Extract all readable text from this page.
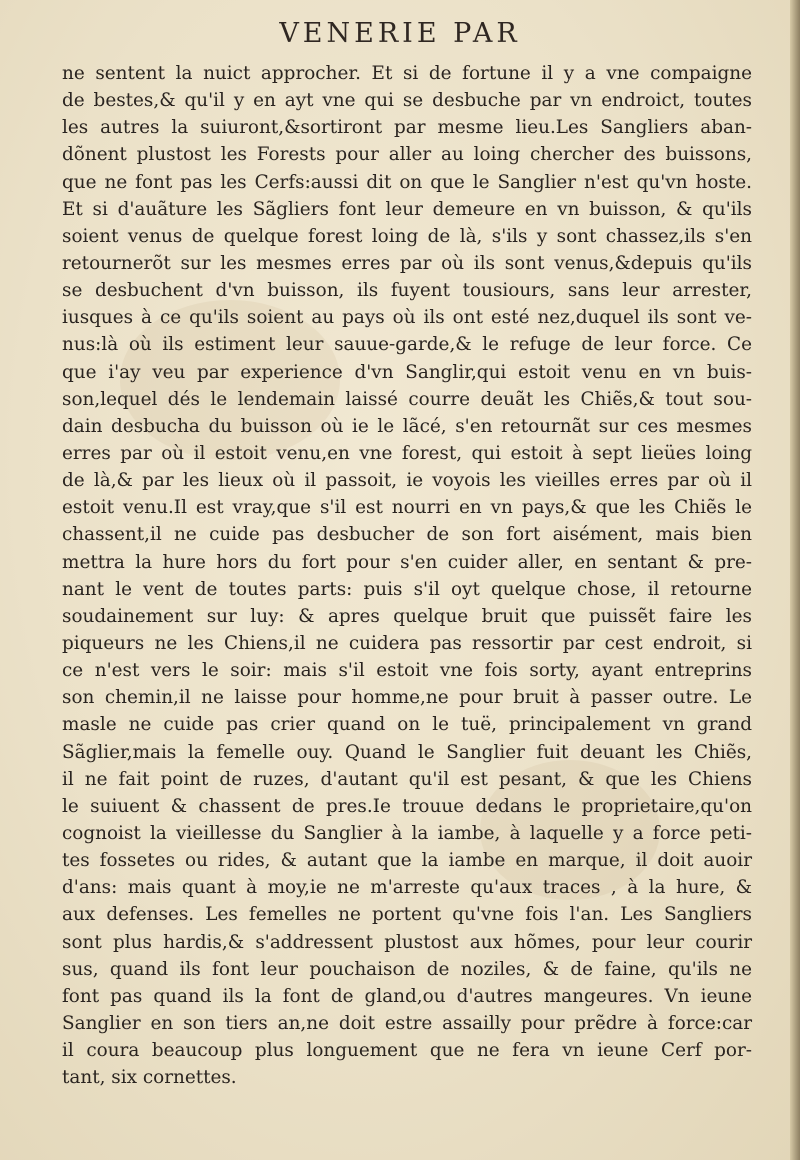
VENERIE PAR
ne sentent la nuict approcher. Et si de fortune il y a vne compaigne
de bestes,& qu'il y en ayt vne qui se desbuche par vn endroict, toutes
les autres la suiuront,&sortiront par mesme lieu.Les Sangliers aban-
dõnent plustost les Forests pour aller au loing chercher des buissons,
que ne font pas les Cerfs:aussi dit on que le Sanglier n'est qu'vn hoste.
Et si d'auãture les Sãgliers font leur demeure en vn buisson, & qu'ils
soient venus de quelque forest loing de là, s'ils y sont chassez,ils s'en
retournerõt sur les mesmes erres par où ils sont venus,&depuis qu'ils
se desbuchent d'vn buisson, ils fuyent tousiours, sans leur arrester,
iusques à ce qu'ils soient au pays où ils ont esté nez,duquel ils sont ve-
nus:là où ils estiment leur sauue-garde,& le refuge de leur force. Ce
que i'ay veu par experience d'vn Sanglir,qui estoit venu en vn buis-
son,lequel dés le lendemain laissé courre deuãt les Chiẽs,& tout sou-
dain desbucha du buisson où ie le lãcé, s'en retournãt sur ces mesmes
erres par où il estoit venu,en vne forest, qui estoit à sept lieües loing
de là,& par les lieux où il passoit, ie voyois les vieilles erres par où il
estoit venu.Il est vray,que s'il est nourri en vn pays,& que les Chiẽs le
chassent,il ne cuide pas desbucher de son fort aisément, mais bien
mettra la hure hors du fort pour s'en cuider aller, en sentant & pre-
nant le vent de toutes parts: puis s'il oyt quelque chose, il retourne
soudainement sur luy: & apres quelque bruit que puissẽt faire les
piqueurs ne les Chiens,il ne cuidera pas ressortir par cest endroit, si
ce n'est vers le soir: mais s'il estoit vne fois sorty, ayant entreprins
son chemin,il ne laisse pour homme,ne pour bruit à passer outre. Le
masle ne cuide pas crier quand on le tuë, principalement vn grand
Sãglier,mais la femelle ouy. Quand le Sanglier fuit deuant les Chiẽs,
il ne fait point de ruzes, d'autant qu'il est pesant, & que les Chiens
le suiuent & chassent de pres.Ie trouue dedans le proprietaire,qu'on
cognoist la vieillesse du Sanglier à la iambe, à laquelle y a force peti-
tes fossetes ou rides, & autant que la iambe en marque, il doit auoir
d'ans: mais quant à moy,ie ne m'arreste qu'aux traces , à la hure, &
aux defenses. Les femelles ne portent qu'vne fois l'an. Les Sangliers
sont plus hardis,& s'addressent plustost aux hõmes, pour leur courir
sus, quand ils font leur pouchaison de noziles, & de faine, qu'ils ne
font pas quand ils la font de gland,ou d'autres mangeures. Vn ieune
Sanglier en son tiers an,ne doit estre assailly pour prẽdre à force:car
il coura beaucoup plus longuement que ne fera vn ieune Cerf por-
tant, six cornettes.
